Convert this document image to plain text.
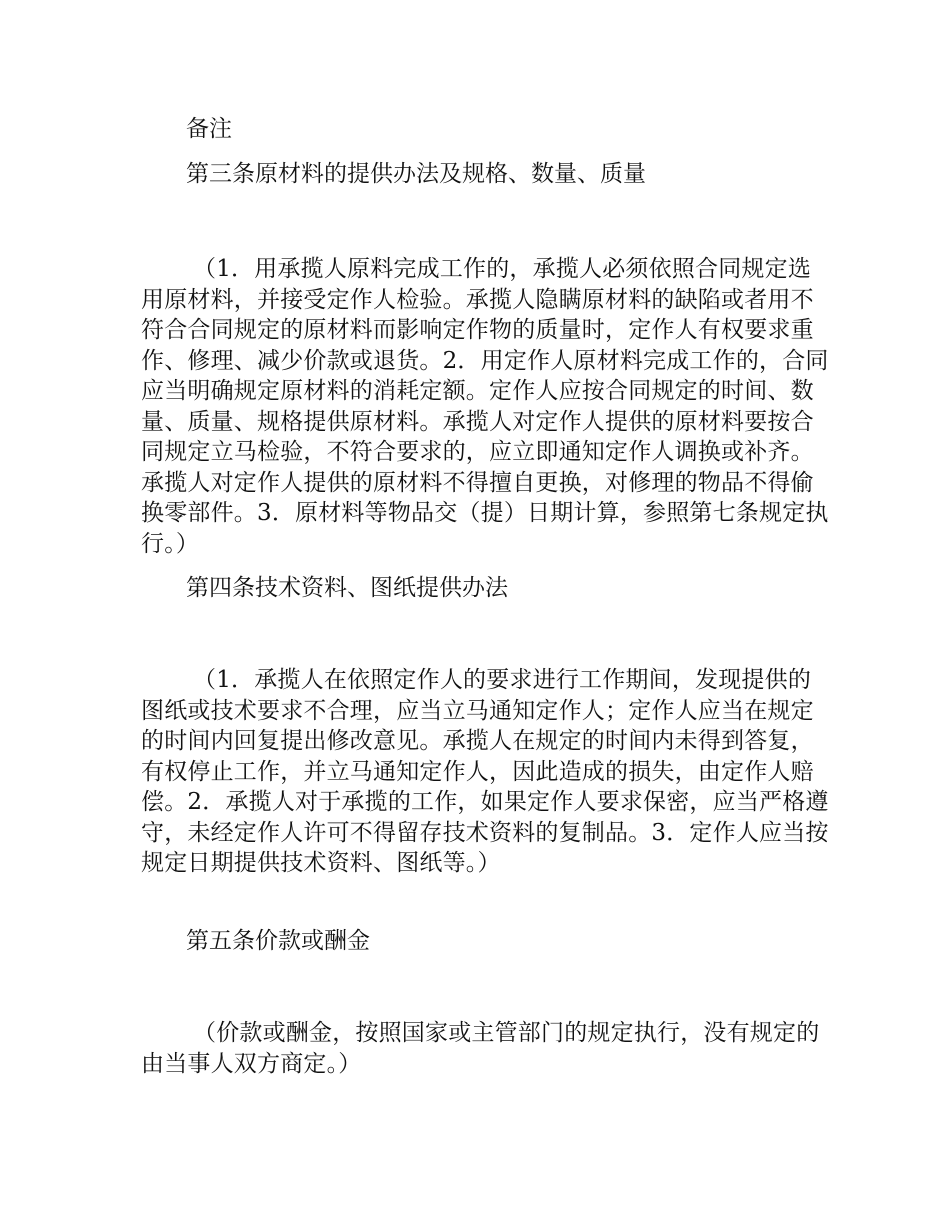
备注

第三条原材料的提供办法及规格、数量、质量

（1．用承揽人原料完成工作的，承揽人必须依照合同规定选用原材料，并接受定作人检验。承揽人隐瞒原材料的缺陷或者用不符合合同规定的原材料而影响定作物的质量时，定作人有权要求重作、修理、减少价款或退货。2．用定作人原材料完成工作的，合同应当明确规定原材料的消耗定额。定作人应按合同规定的时间、数量、质量、规格提供原材料。承揽人对定作人提供的原材料要按合同规定立马检验，不符合要求的，应立即通知定作人调换或补齐。承揽人对定作人提供的原材料不得擅自更换，对修理的物品不得偷换零部件。3．原材料等物品交（提）日期计算，参照第七条规定执行。）

第四条技术资料、图纸提供办法

（1．承揽人在依照定作人的要求进行工作期间，发现提供的图纸或技术要求不合理，应当立马通知定作人；定作人应当在规定的时间内回复提出修改意见。承揽人在规定的时间内未得到答复，有权停止工作，并立马通知定作人，因此造成的损失，由定作人赔偿。2．承揽人对于承揽的工作，如果定作人要求保密，应当严格遵守，未经定作人许可不得留存技术资料的复制品。3．定作人应当按规定日期提供技术资料、图纸等。）

第五条价款或酬金

（价款或酬金，按照国家或主管部门的规定执行，没有规定的由当事人双方商定。）
